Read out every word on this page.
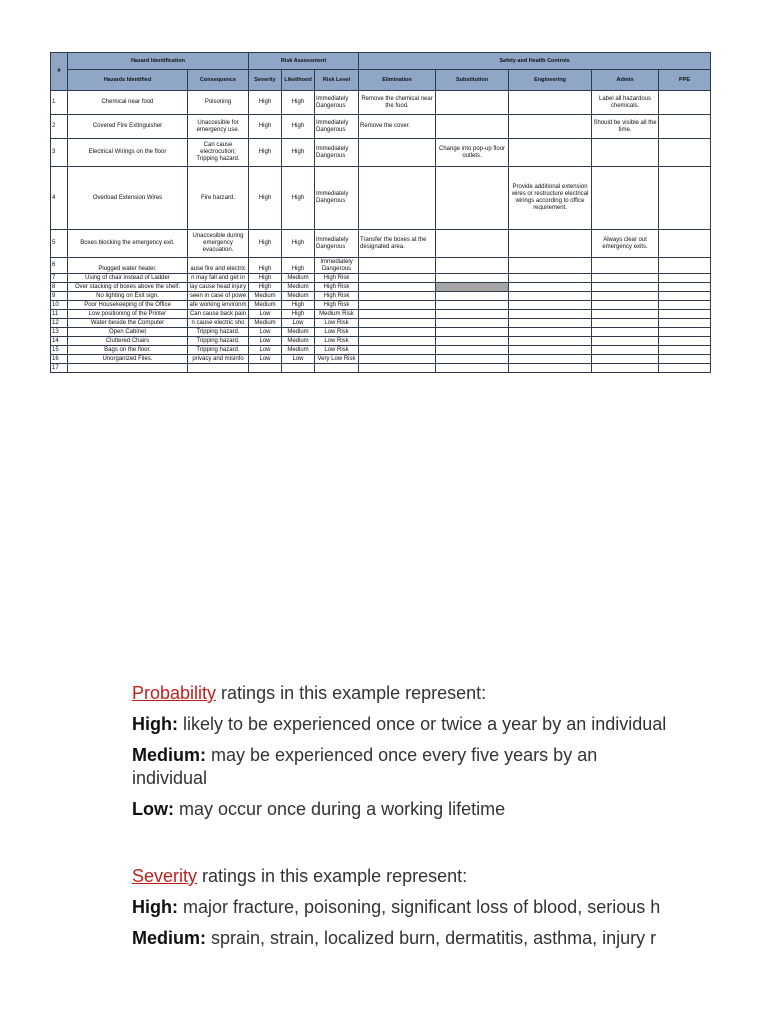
#	Hazard Identification		Risk Assessment			Safety and Health Controls				
	Hazards Identified	Consequence	Severity	Likelihood	Risk Level	Elimination	Substitution	Engineering	Admin	PPE
1	Chemical near food	Poisoning	High	High	Immediately Dangerous	Remove the chemical near the food.			Label all hazardous chemicals.	
2	Covered Fire Extinguisher	Unaccesible for emergency use.	High	High	Immediately Dangerous	Remove the cover.			Should be visible all the time.	
3	Electrical Wirings on the floor	Can cause electrocution; Tripping hazard.	High	High	Immediately Dangerous		Change into pop-up floor outlets.			
4	Overload Extension Wires	Fire harzard.	High	High	Immediately Dangerous			Provide additional extension wires or restructure electrical wirings according to office requirement.		
5	Boxes blocking the emergency exit.	Unaccesible during emergency evacuation.	High	High	Immediately Dangerous	Transfer the boxes at the designated area.			Always clear out emergency exits.	
6	Plugged water heater.	ause fire and electric	High	High	Immediately Dangerous					
7	Using of chair instead of Ladder	n may fall and get in	High	Medium	High Risk					
8	Over stacking of boxes above the shelf.	lay cause head injury	High	Medium	High Risk					
9	No lighting on Exit sign.	seen in case of powe	Medium	Medium	High Risk					
10	Poor Housekeeping of the Office	afe working environm	Medium	High	High Risk					
11	Low positioning of the Printer	Can cause back pain	Low	High	Medium Risk					
12	Water beside the Computer	n cause electric sho	Medium	Low	Low Risk					
13	Open Cabinet	Tripping hazard.	Low	Medium	Low Risk					
14	Cluttered Chairs	Tripping hazard.	Low	Medium	Low Risk					
15	Bags on the floor.	Tripping hazard.	Low	Medium	Low Risk					
16	Unorganized Files.	privacy and misinfo	Low	Low	Very Low Risk					
17										

Probability ratings in this example represent:

High: likely to be experienced once or twice a year by an individual

Medium: may be experienced once every five years by an individual

Low: may occur once during a working lifetime

Severity ratings in this example represent:

High: major fracture, poisoning, significant loss of blood, serious h

Medium: sprain, strain, localized burn, dermatitis, asthma, injury r
